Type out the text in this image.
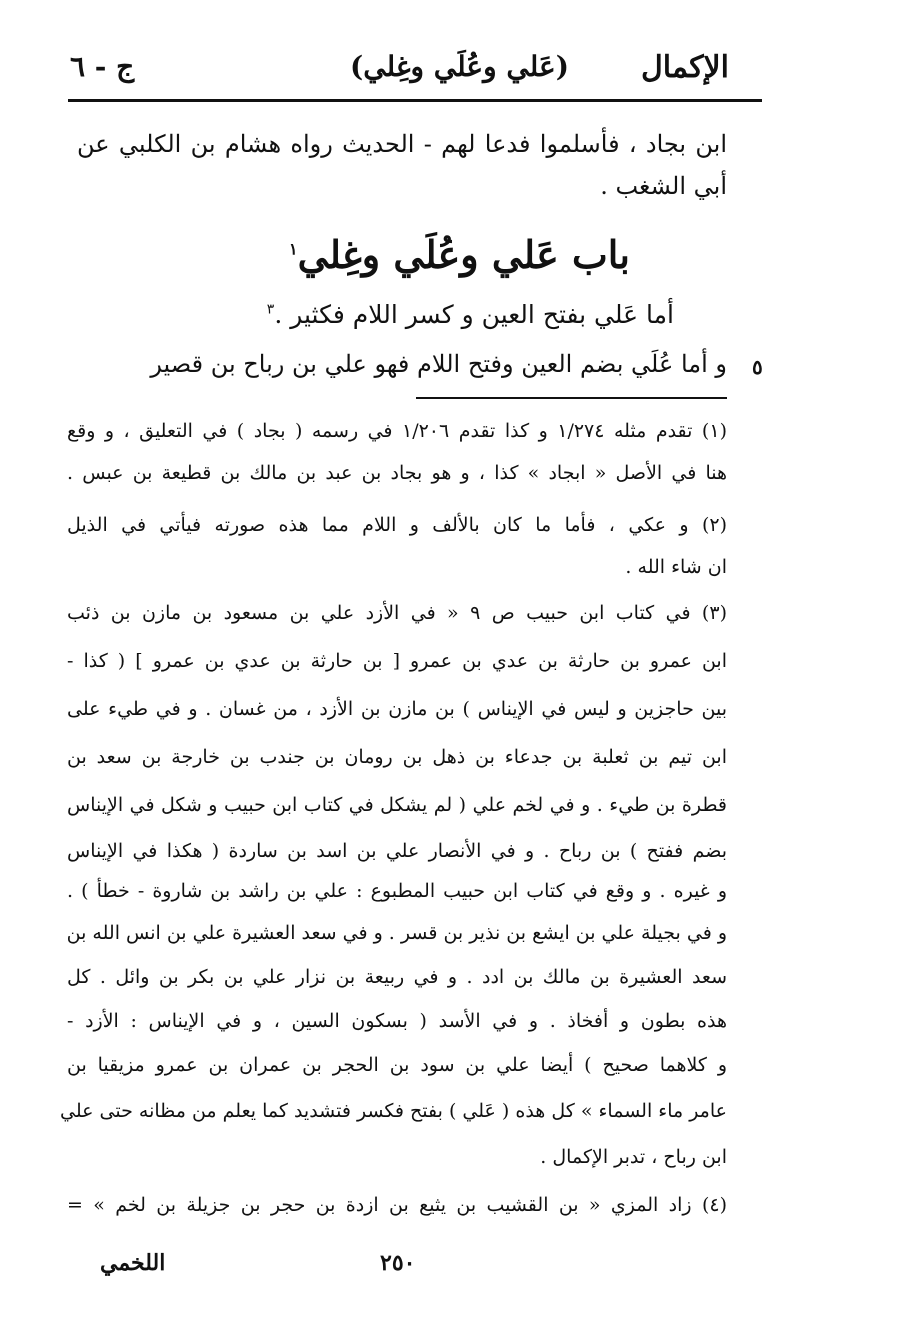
ج - ٦	(عَلي وعُلَي وغِلي)	الإكمال
ابن بجاد ، فأسلموا فدعا لهم - الحديث رواه هشام بن الكلبي عن
أبي الشغب .
باب عَلي وعُلَي وغِلي$^١$
أما عَلي بفتح العين و كسر اللام فكثير .$^٣$
و أما عُلَي بضم العين وفتح اللام فهو علي بن رباح بن قصير ٥
(١) تقدم مثله ١/٢٧٤ و كذا تقدم ١/٢٠٦ في رسمه ( بجاد ) في التعليق ، و وقع
هنا في الأصل « ابجاد » كذا ، و هو بجاد بن عبد بن مالك بن قطيعة بن عبس .
(٢) و عكي ، فأما ما كان بالألف و اللام مما هذه صورته فيأتي في الذيل
ان شاء الله .
(٣) في كتاب ابن حبيب ص ٩ « في الأزد علي بن مسعود بن مازن بن ذئب
ابن عمرو بن حارثة بن عدي بن عمرو [ بن حارثة بن عدي بن عمرو ] ( كذا -
بين حاجزين و ليس في الإيناس ) بن مازن بن الأزد ، من غسان . و في طيء على
ابن تيم بن ثعلبة بن جدعاء بن ذهل بن رومان بن جندب بن خارجة بن سعد بن
قطرة بن طيء . و في لخم علي ( لم يشكل في كتاب ابن حبيب و شكل في الإيناس
بضم ففتح ) بن رباح . و في الأنصار علي بن اسد بن ساردة ( هكذا في الإيناس
و غيره . و وقع في كتاب ابن حبيب المطبوع : علي بن راشد بن شاروة - خطأ ) .
و في بجيلة علي بن ايشع بن نذير بن قسر . و في سعد العشيرة علي بن انس الله بن
سعد العشيرة بن مالك بن ادد . و في ربيعة بن نزار علي بن بكر بن وائل . كل
هذه بطون و أفخاذ . و في الأسد ( بسكون السين ، و في الإيناس : الأزد -
و كلاهما صحيح ) أيضا علي بن سود بن الحجر بن عمران بن عمرو مزيقيا بن
عامر ماء السماء » كل هذه ( عَلي ) بفتح فكسر فتشديد كما يعلم من مظانه حتى علي
ابن رباح ، تدبر الإكمال .
(٤) زاد المزي « بن القشيب بن يثيع بن ازدة بن حجر بن جزيلة بن لخم » =
٢٥٠
اللخمي
